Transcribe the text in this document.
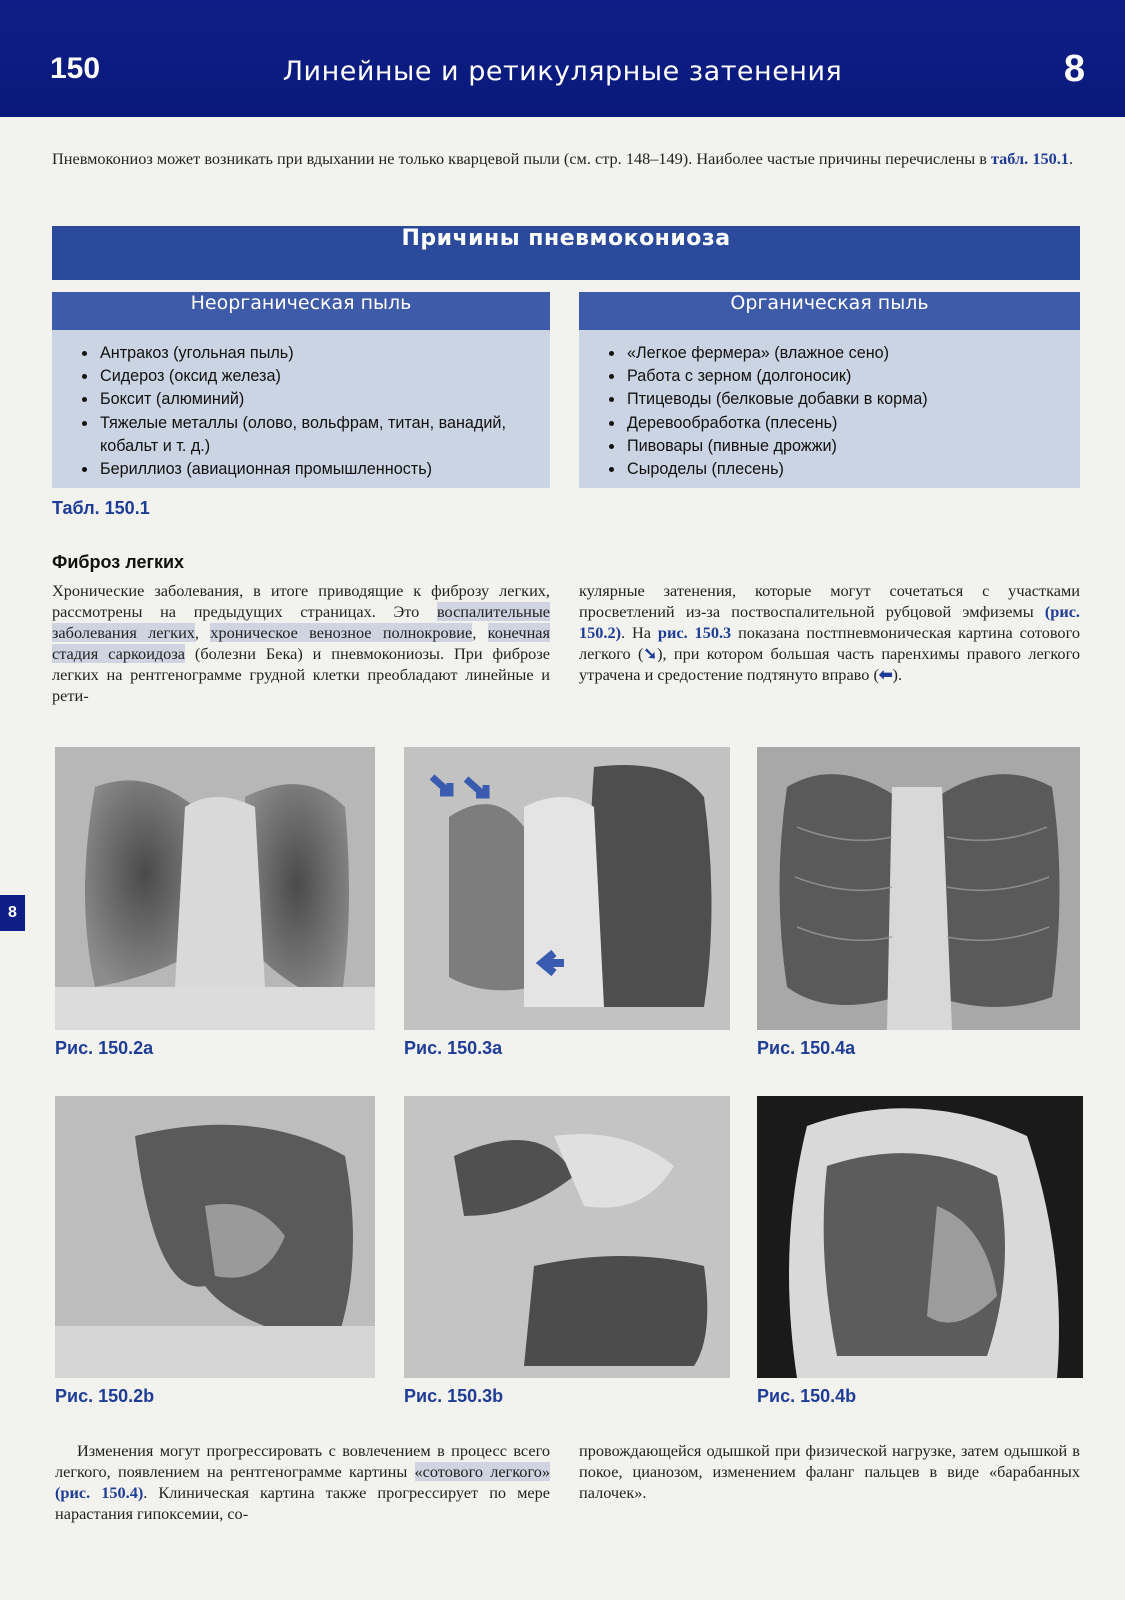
150	Линейные и ретикулярные затенения	8
Пневмокониоз может возникать при вдыхании не только кварцевой пыли (см. стр. 148–149). Наиболее частые причины перечислены в табл. 150.1.
Причины пневмокониоза
Неорганическая пыль
• Антракоз (угольная пыль)
• Сидероз (оксид железа)
• Боксит (алюминий)
• Тяжелые металлы (олово, вольфрам, титан, ванадий, кобальт и т. д.)
• Бериллиоз (авиационная промышленность)
Органическая пыль
• «Легкое фермера» (влажное сено)
• Работа с зерном (долгоносик)
• Птицеводы (белковые добавки в корма)
• Деревообработка (плесень)
• Пивовары (пивные дрожжи)
• Сыроделы (плесень)
Табл. 150.1
Фиброз легких
Хронические заболевания, в итоге приводящие к фиброзу легких, рассмотрены на предыдущих страницах. Это воспалительные заболевания легких, хроническое венозное полнокровие, конечная стадия саркоидоза (болезни Бека) и пневмокониозы. При фиброзе легких на рентгенограмме грудной клетки преобладают линейные и рети-
кулярные затенения, которые могут сочетаться с участками просветлений из-за поствоспалительной рубцовой эмфиземы (рис. 150.2). На рис. 150.3 показана постпневмоническая картина сотового легкого (➘), при котором большая часть паренхимы правого легкого утрачена и средостение подтянуто вправо (⬅).
Рис. 150.2a	Рис. 150.3a	Рис. 150.4a
Рис. 150.2b	Рис. 150.3b	Рис. 150.4b
8
Изменения могут прогрессировать с вовлечением в процесс всего легкого, появлением на рентгенограмме картины «сотового легкого» (рис. 150.4). Клиническая картина также прогрессирует по мере нарастания гипоксемии, со-
провождающейся одышкой при физической нагрузке, затем одышкой в покое, цианозом, изменением фаланг пальцев в виде «барабанных палочек».
